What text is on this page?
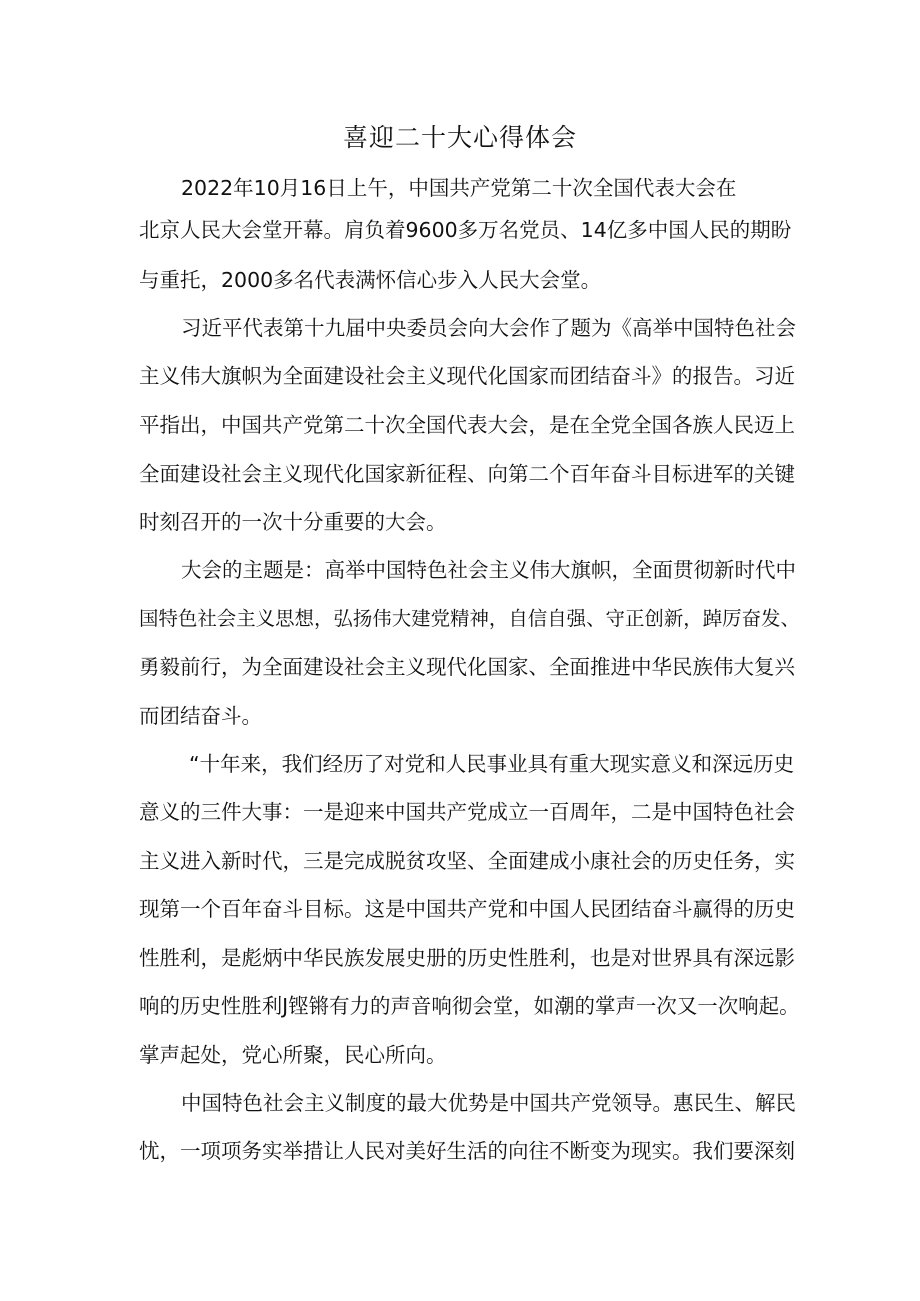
喜迎二十大心得体会
2022年10月16日上午，中国共产党第二十次全国代表大会在
北京人民大会堂开幕。肩负着9600多万名党员、14亿多中国人民的期盼
与重托，2000多名代表满怀信心步入人民大会堂。
习近平代表第十九届中央委员会向大会作了题为《高举中国特色社会
主义伟大旗帜为全面建设社会主义现代化国家而团结奋斗》的报告。习近
平指出，中国共产党第二十次全国代表大会，是在全党全国各族人民迈上
全面建设社会主义现代化国家新征程、向第二个百年奋斗目标进军的关键
时刻召开的一次十分重要的大会。
大会的主题是：高举中国特色社会主义伟大旗帜，全面贯彻新时代中
国特色社会主义思想，弘扬伟大建党精神，自信自强、守正创新，踔厉奋发、
勇毅前行，为全面建设社会主义现代化国家、全面推进中华民族伟大复兴
而团结奋斗。
“十年来，我们经历了对党和人民事业具有重大现实意义和深远历史
意义的三件大事：一是迎来中国共产党成立一百周年，二是中国特色社会
主义进入新时代，三是完成脱贫攻坚、全面建成小康社会的历史任务，实
现第一个百年奋斗目标。这是中国共产党和中国人民团结奋斗赢得的历史
性胜利，是彪炳中华民族发展史册的历史性胜利，也是对世界具有深远影
响的历史性胜利J铿锵有力的声音响彻会堂，如潮的掌声一次又一次响起。
掌声起处，党心所聚，民心所向。
中国特色社会主义制度的最大优势是中国共产党领导。惠民生、解民
忧，一项项务实举措让人民对美好生活的向往不断变为现实。我们要深刻
